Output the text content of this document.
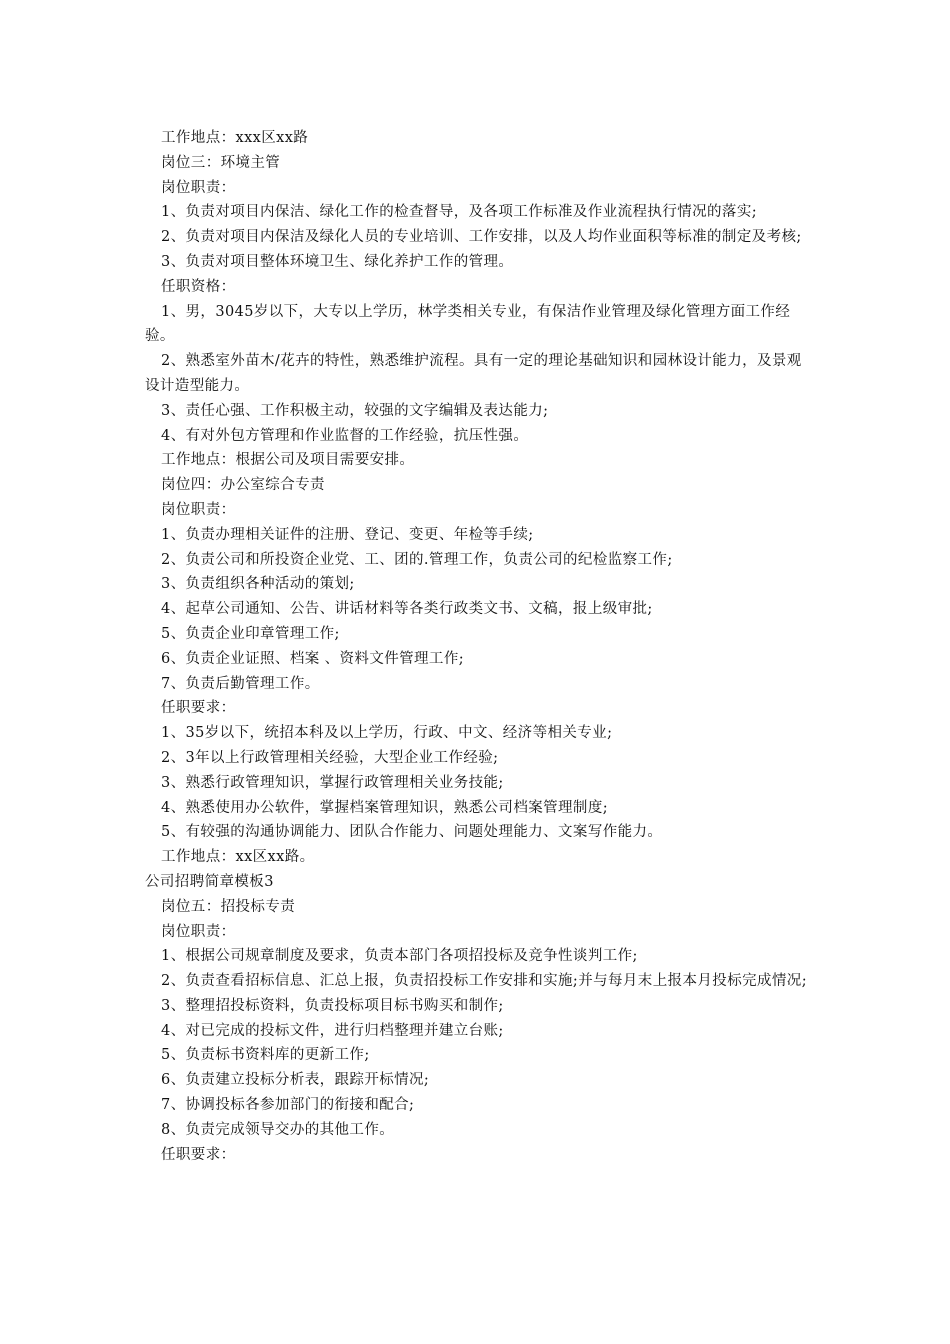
工作地点：xxx区xx路

岗位三：环境主管

岗位职责：

1、负责对项目内保洁、绿化工作的检查督导，及各项工作标准及作业流程执行情况的落实;

2、负责对项目内保洁及绿化人员的专业培训、工作安排，以及人均作业面积等标准的制定及考核;

3、负责对项目整体环境卫生、绿化养护工作的管理。

任职资格：

1、男，3045岁以下，大专以上学历，林学类相关专业，有保洁作业管理及绿化管理方面工作经验。

2、熟悉室外苗木/花卉的特性，熟悉维护流程。具有一定的理论基础知识和园林设计能力，及景观设计造型能力。

3、责任心强、工作积极主动，较强的文字编辑及表达能力;

4、有对外包方管理和作业监督的工作经验，抗压性强。

工作地点：根据公司及项目需要安排。

岗位四：办公室综合专责

岗位职责：

1、负责办理相关证件的注册、登记、变更、年检等手续;

2、负责公司和所投资企业党、工、团的.管理工作，负责公司的纪检监察工作;

3、负责组织各种活动的策划;

4、起草公司通知、公告、讲话材料等各类行政类文书、文稿，报上级审批;

5、负责企业印章管理工作;

6、负责企业证照、档案 、资料文件管理工作;

7、负责后勤管理工作。

任职要求：

1、35岁以下，统招本科及以上学历，行政、中文、经济等相关专业;

2、3年以上行政管理相关经验，大型企业工作经验;

3、熟悉行政管理知识，掌握行政管理相关业务技能;

4、熟悉使用办公软件，掌握档案管理知识，熟悉公司档案管理制度;

5、有较强的沟通协调能力、团队合作能力、问题处理能力、文案写作能力。

工作地点：xx区xx路。

公司招聘简章模板3

岗位五：招投标专责

岗位职责：

1、根据公司规章制度及要求，负责本部门各项招投标及竞争性谈判工作;

2、负责查看招标信息、汇总上报，负责招投标工作安排和实施;并与每月末上报本月投标完成情况;

3、整理招投标资料，负责投标项目标书购买和制作;

4、对已完成的投标文件，进行归档整理并建立台账;

5、负责标书资料库的更新工作;

6、负责建立投标分析表，跟踪开标情况;

7、协调投标各参加部门的衔接和配合;

8、负责完成领导交办的其他工作。

任职要求：
